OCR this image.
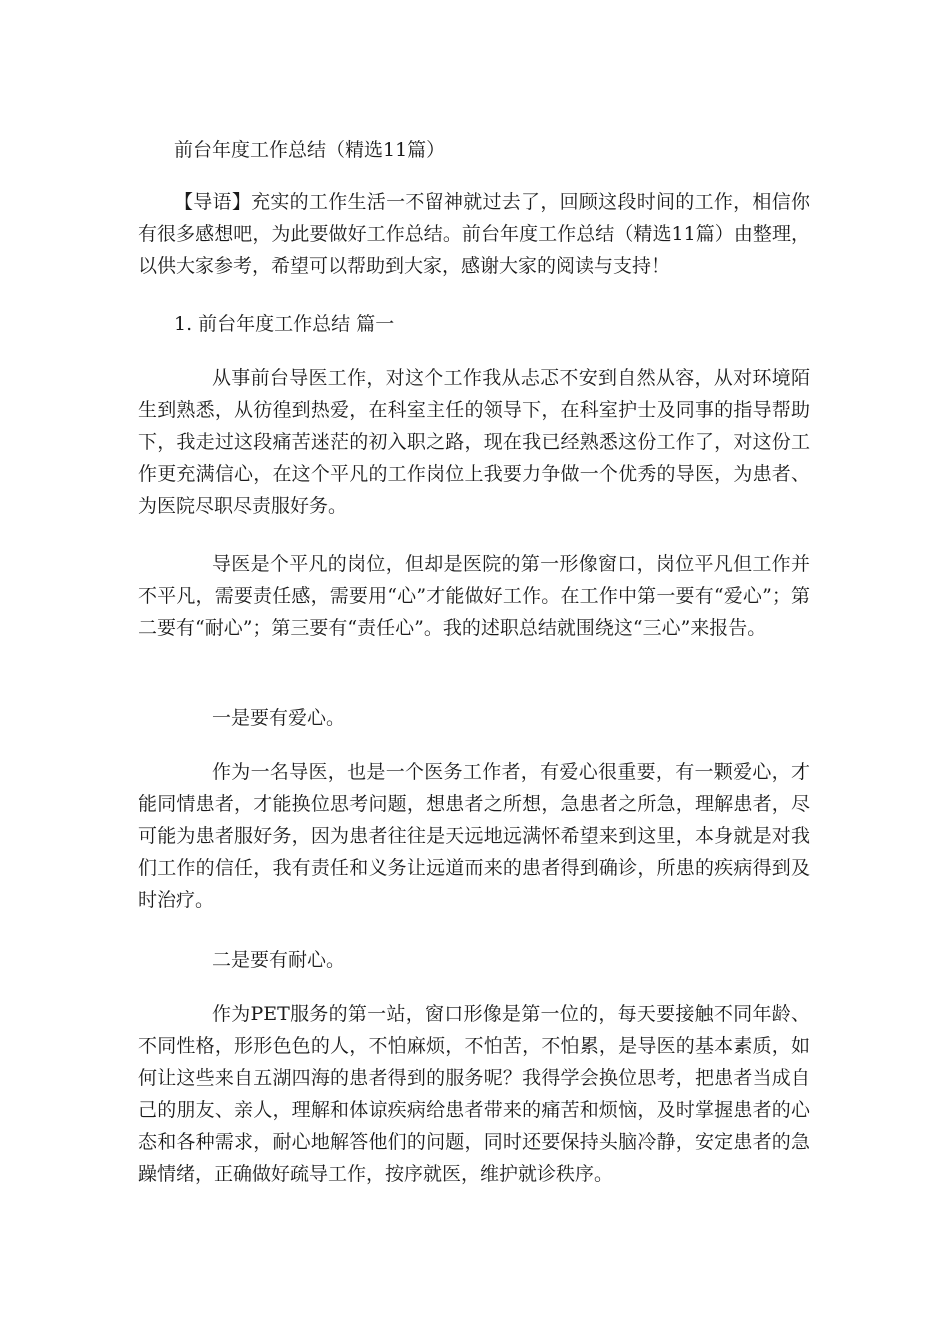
前台年度工作总结（精选11篇）

【导语】充实的工作生活一不留神就过去了，回顾这段时间的工作，相信你有很多感想吧，为此要做好工作总结。前台年度工作总结（精选11篇）由整理，以供大家参考，希望可以帮助到大家，感谢大家的阅读与支持！

1. 前台年度工作总结 篇一

从事前台导医工作，对这个工作我从忐忑不安到自然从容，从对环境陌生到熟悉，从彷徨到热爱，在科室主任的领导下，在科室护士及同事的指导帮助下，我走过这段痛苦迷茫的初入职之路，现在我已经熟悉这份工作了，对这份工作更充满信心，在这个平凡的工作岗位上我要力争做一个优秀的导医，为患者、为医院尽职尽责服好务。

导医是个平凡的岗位，但却是医院的第一形像窗口，岗位平凡但工作并不平凡，需要责任感，需要用“心”才能做好工作。在工作中第一要有“爱心”；第二要有“耐心”；第三要有“责任心”。我的述职总结就围绕这“三心”来报告。

一是要有爱心。

作为一名导医，也是一个医务工作者，有爱心很重要，有一颗爱心，才能同情患者，才能换位思考问题，想患者之所想，急患者之所急，理解患者，尽可能为患者服好务，因为患者往往是天远地远满怀希望来到这里，本身就是对我们工作的信任，我有责任和义务让远道而来的患者得到确诊，所患的疾病得到及时治疗。

二是要有耐心。

作为PET服务的第一站，窗口形像是第一位的，每天要接触不同年龄、不同性格，形形色色的人，不怕麻烦，不怕苦，不怕累，是导医的基本素质，如何让这些来自五湖四海的患者得到的服务呢？我得学会换位思考，把患者当成自己的朋友、亲人，理解和体谅疾病给患者带来的痛苦和烦恼，及时掌握患者的心态和各种需求，耐心地解答他们的问题，同时还要保持头脑冷静，安定患者的急躁情绪，正确做好疏导工作，按序就医，维护就诊秩序。
